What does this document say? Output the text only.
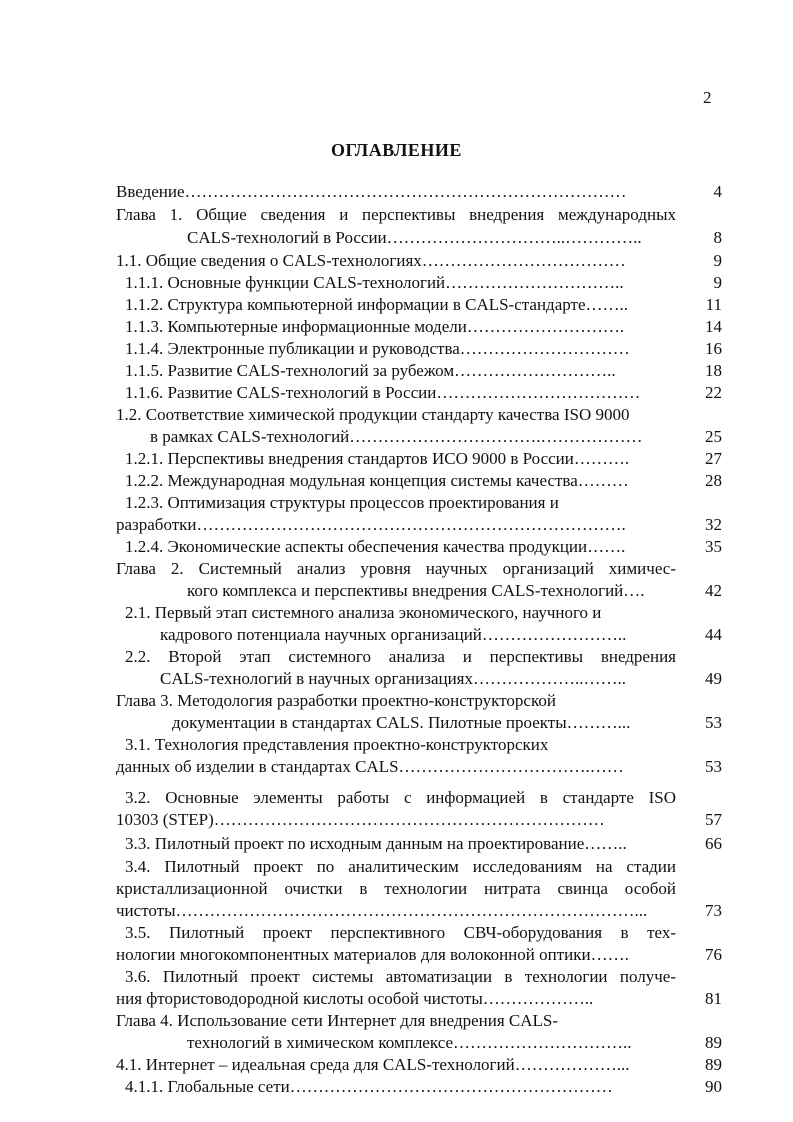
2
ОГЛАВЛЕНИЕ
Введение……………………………………………………………………	4
Глава 1. Общие сведения и перспективы внедрения международных
CALS-технологий в России…………………………..…………..	8
1.1. Общие сведения о CALS-технологиях………………………………	9
1.1.1. Основные функции CALS-технологий…………………………..	9
1.1.2. Структура компьютерной информации в CALS-стандарте……..	11
1.1.3. Компьютерные информационные модели……………………….	14
1.1.4. Электронные публикации и руководства…………………………	16
1.1.5. Развитие CALS-технологий за рубежом………………………..	18
1.1.6. Развитие CALS-технологий в России………………………………	22
1.2. Соответствие химической продукции стандарту качества ISO 9000
в рамках CALS-технологий…………………………….………………	25
1.2.1. Перспективы внедрения стандартов ИСО 9000 в России……….	27
1.2.2. Международная модульная концепция системы качества………	28
1.2.3. Оптимизация структуры процессов проектирования и
разработки………………………………………………………………….	32
1.2.4. Экономические аспекты обеспечения качества продукции…….	35
Глава 2. Системный анализ уровня научных организаций химичес-
кого комплекса и перспективы внедрения CALS-технологий….	42
2.1. Первый этап системного анализа экономического, научного и
кадрового потенциала научных организаций……………………..	44
2.2. Второй этап системного анализа и перспективы внедрения
CALS-технологий в научных организациях………………..……..	49
Глава 3. Методология разработки проектно-конструкторской
документации в стандартах CALS. Пилотные проекты………...	53
3.1. Технология представления проектно-конструкторских
данных об изделии в стандартах CALS…………………………….……	53
3.2. Основные элементы работы с информацией в стандарте ISO
10303 (STEP)……………………………………………………………	57
3.3. Пилотный проект по исходным данным на проектирование……..	66
3.4. Пилотный проект по аналитическим исследованиям на стадии
кристаллизационной очистки в технологии нитрата свинца особой
чистоты………………………………………………………………………...	73
3.5. Пилотный проект перспективного СВЧ-оборудования в тех-
нологии многокомпонентных материалов для волоконной оптики…….	76
3.6. Пилотный проект системы автоматизации в технологии получе-
ния фтористоводородной кислоты особой чистоты………………..	81
Глава 4. Использование сети Интернет для внедрения CALS-
технологий в химическом комплексе…………………………..	89
4.1. Интернет – идеальная среда для CALS-технологий………………...	89
4.1.1. Глобальные сети…………………………………………………	90
